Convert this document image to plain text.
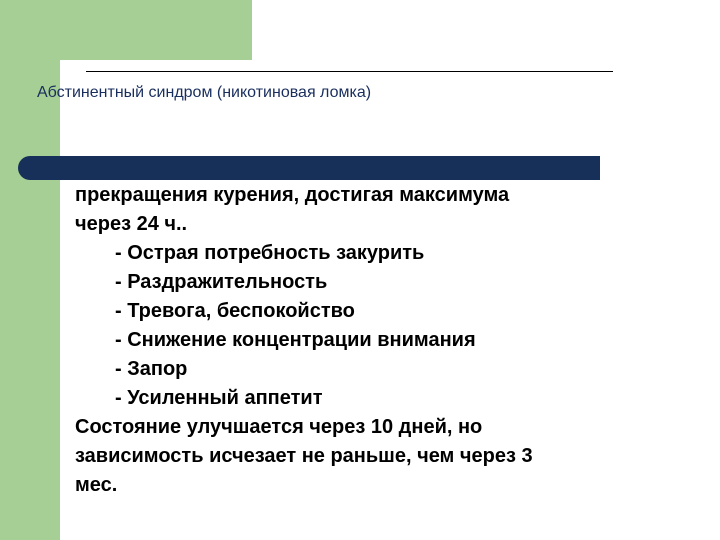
Абстинентный синдром (никотиновая ломка)
прекращения курения, достигая максимума
через 24 ч..
- Острая потребность закурить
- Раздражительность
- Тревога, беспокойство
- Снижение концентрации внимания
- Запор
- Усиленный аппетит
Состояние улучшается через 10 дней, но
зависимость исчезает не раньше, чем через 3
мес.
